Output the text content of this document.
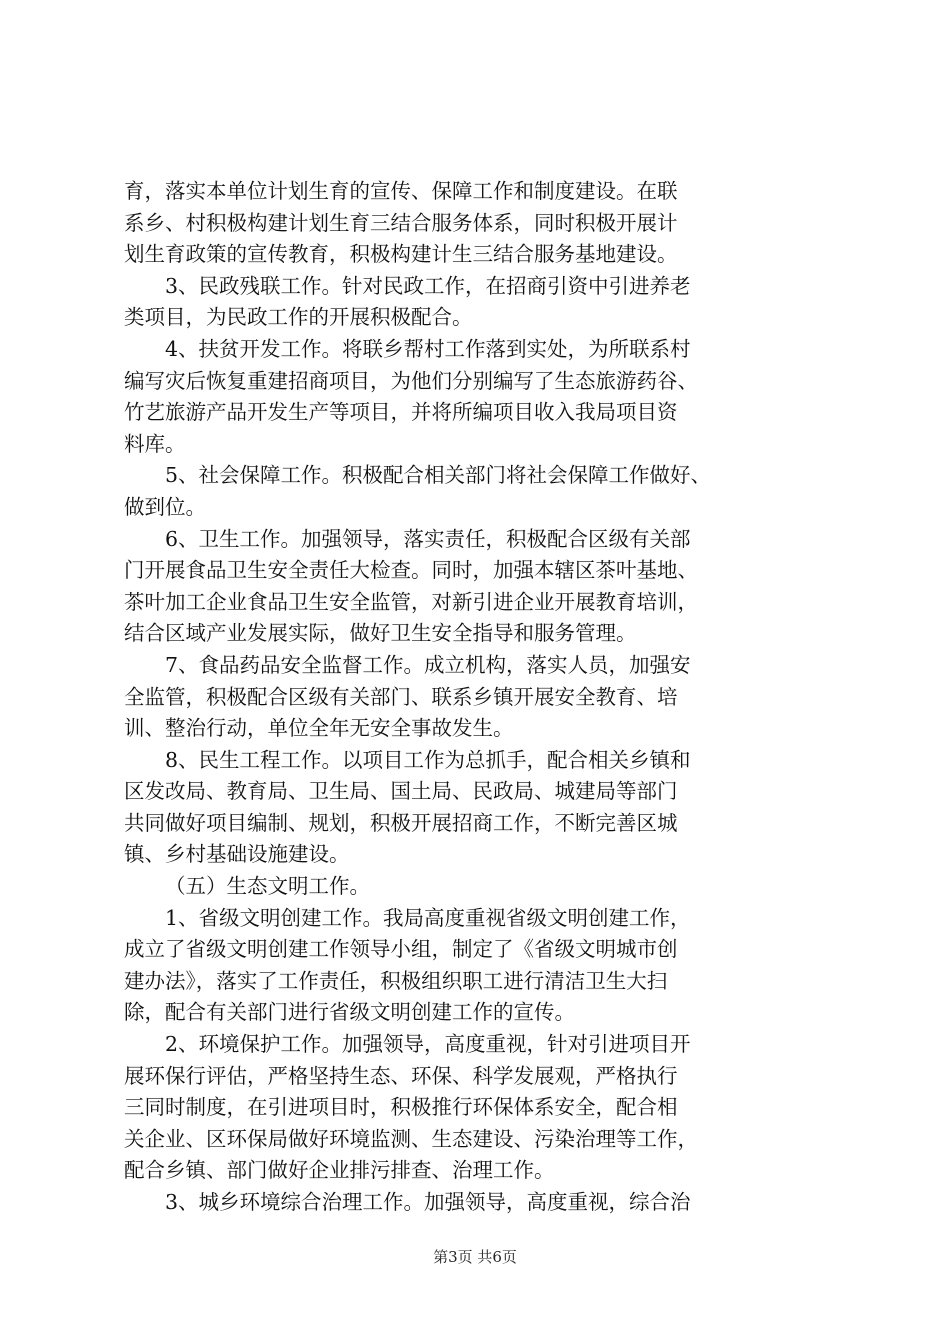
育，落实本单位计划生育的宣传、保障工作和制度建设。在联
系乡、村积极构建计划生育三结合服务体系，同时积极开展计
划生育政策的宣传教育，积极构建计生三结合服务基地建设。
3、民政残联工作。针对民政工作，在招商引资中引进养老
类项目，为民政工作的开展积极配合。
4、扶贫开发工作。将联乡帮村工作落到实处，为所联系村
编写灾后恢复重建招商项目，为他们分别编写了生态旅游药谷、
竹艺旅游产品开发生产等项目，并将所编项目收入我局项目资
料库。
5、社会保障工作。积极配合相关部门将社会保障工作做好、
做到位。
6、卫生工作。加强领导，落实责任，积极配合区级有关部
门开展食品卫生安全责任大检查。同时，加强本辖区茶叶基地、
茶叶加工企业食品卫生安全监管，对新引进企业开展教育培训，
结合区域产业发展实际，做好卫生安全指导和服务管理。
7、食品药品安全监督工作。成立机构，落实人员，加强安
全监管，积极配合区级有关部门、联系乡镇开展安全教育、培
训、整治行动，单位全年无安全事故发生。
8、民生工程工作。以项目工作为总抓手，配合相关乡镇和
区发改局、教育局、卫生局、国土局、民政局、城建局等部门
共同做好项目编制、规划，积极开展招商工作，不断完善区城
镇、乡村基础设施建设。
（五）生态文明工作。
1、省级文明创建工作。我局高度重视省级文明创建工作，
成立了省级文明创建工作领导小组，制定了《省级文明城市创
建办法》，落实了工作责任，积极组织职工进行清洁卫生大扫
除，配合有关部门进行省级文明创建工作的宣传。
2、环境保护工作。加强领导，高度重视，针对引进项目开
展环保行评估，严格坚持生态、环保、科学发展观，严格执行
三同时制度，在引进项目时，积极推行环保体系安全，配合相
关企业、区环保局做好环境监测、生态建设、污染治理等工作，
配合乡镇、部门做好企业排污排查、治理工作。
3、城乡环境综合治理工作。加强领导，高度重视，综合治
第3页 共6页
